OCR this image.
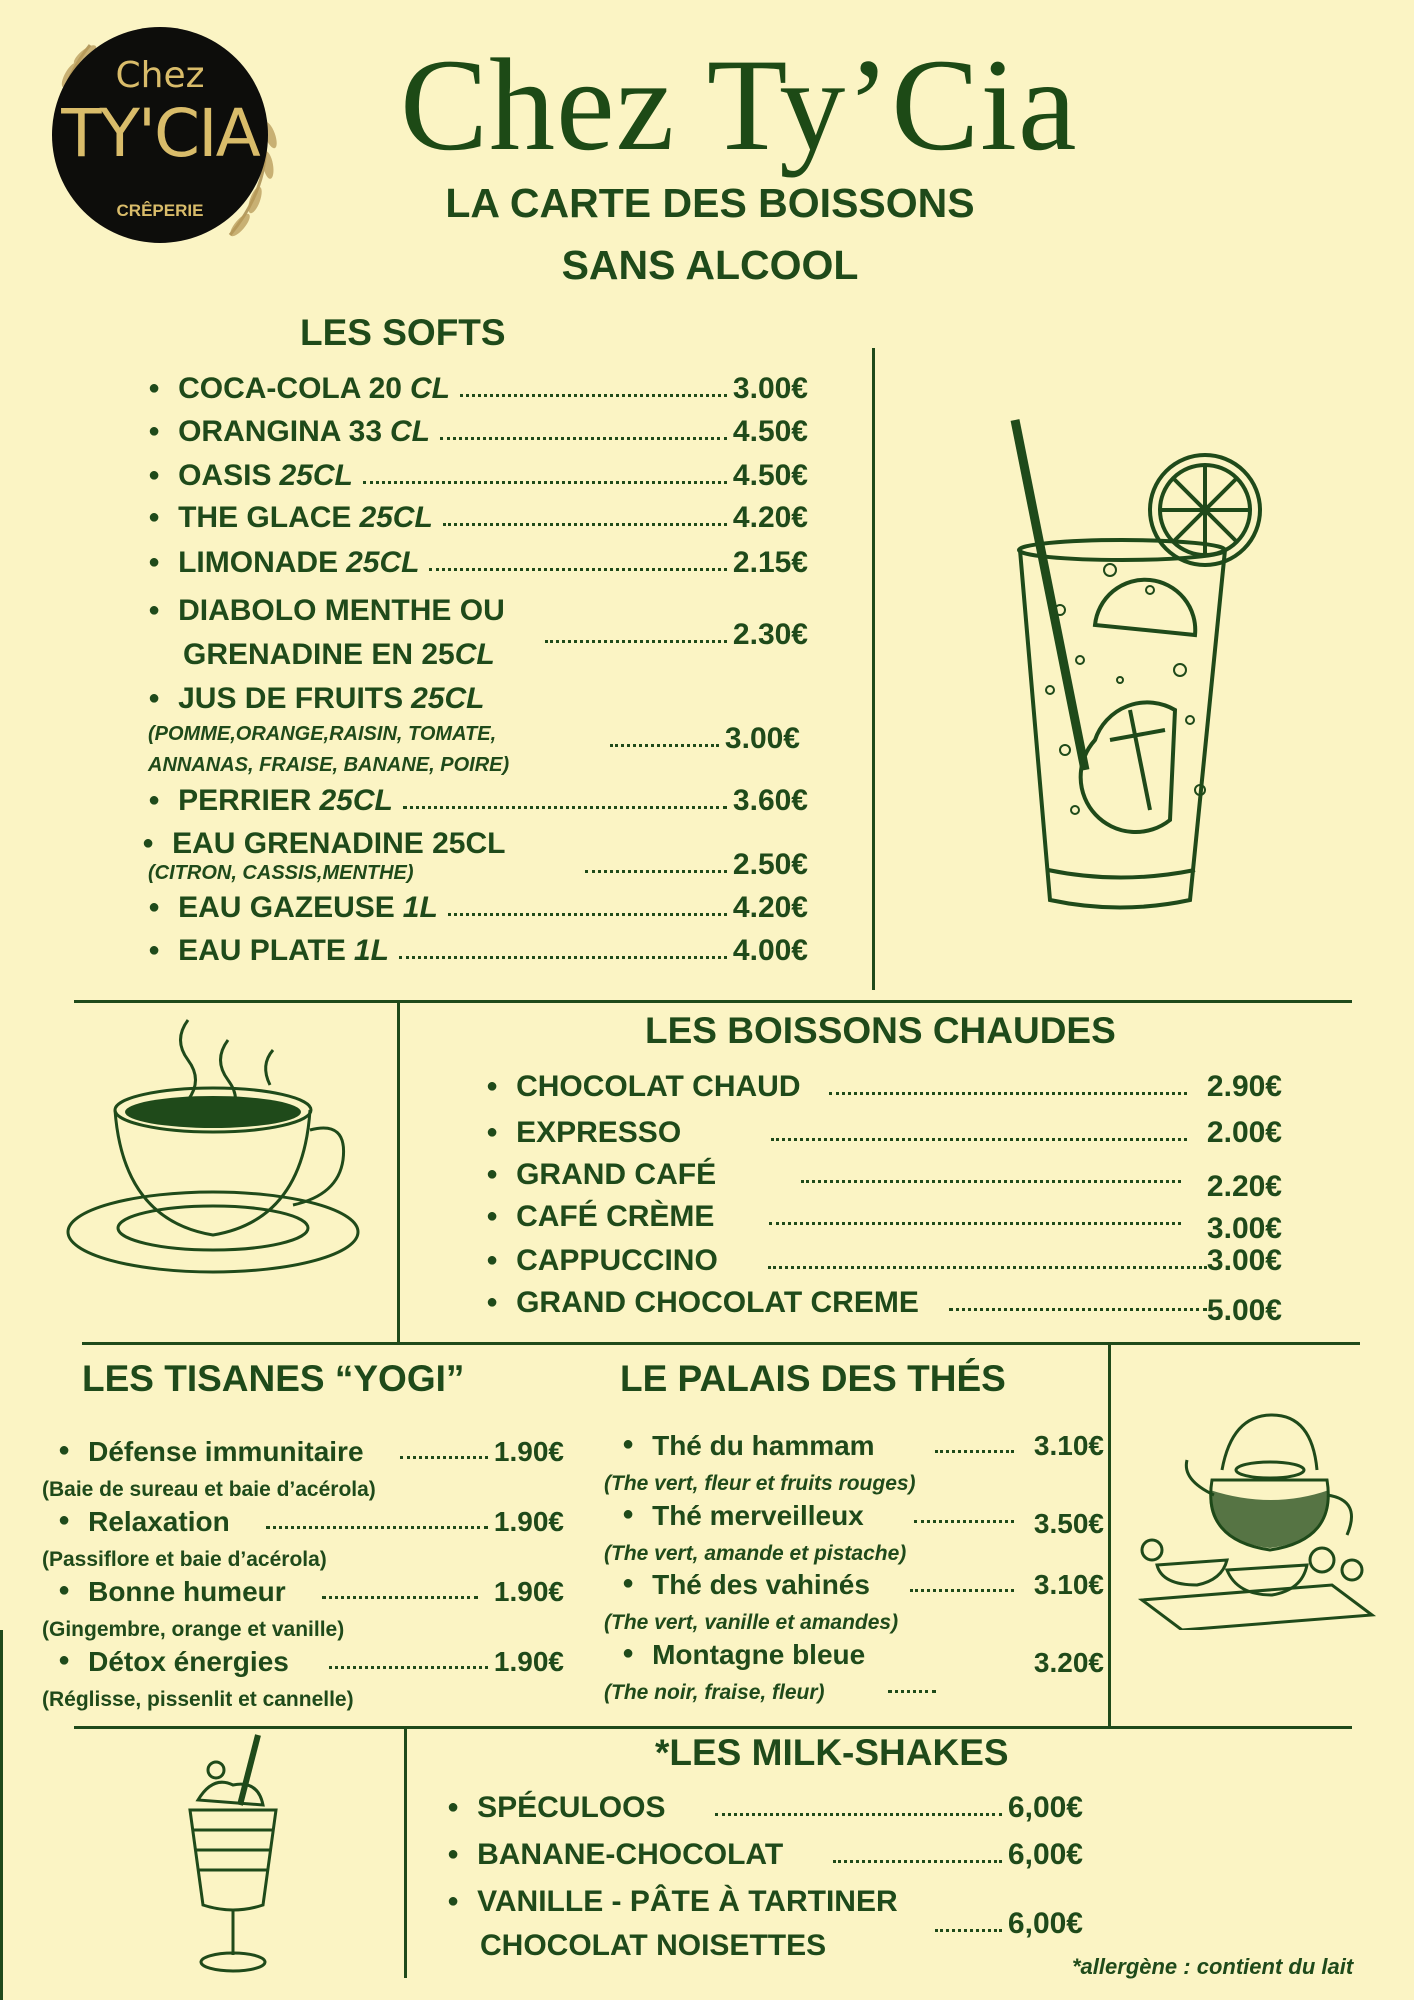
Chez
TY'CIA
CRÊPERIE
Chez Ty’Cia
LA CARTE DES BOISSONS
SANS ALCOOL
LES SOFTS
● COCA-COLA 20 CL	3.00€
● ORANGINA 33 CL	4.50€
● OASIS 25CL	4.50€
● THE GLACE 25CL	4.20€
● LIMONADE 25CL	2.15€
● DIABOLO MENTHE OU
GRENADINE EN 25 CL
2.30€
● JUS DE FRUITS 25CL
(POMME,ORANGE,RAISIN, TOMATE,
ANNANAS, FRAISE, BANANE, POIRE)
3.00€
● PERRIER 25CL	3.60€
● EAU GRENADINE 25CL
(CITRON, CASSIS,MENTHE)	2.50€
● EAU GAZEUSE 1L	4.20€
● EAU PLATE 1L	4.00€
LES BOISSONS CHAUDES
● CHOCOLAT CHAUD	2.90€
● EXPRESSO	2.00€
● GRAND CAFÉ	2.20€
● CAFÉ CRÈME	3.00€
● CAPPUCCINO	3.00€
● GRAND CHOCOLAT CREME	5.00€
LES TISANES “YOGI”
● Défense immunitaire	1.90€
(Baie de sureau et baie d’acérola)
● Relaxation	1.90€
(Passiflore et baie d’acérola)
● Bonne humeur	1.90€
(Gingembre, orange et vanille)
● Détox énergies	1.90€
(Réglisse, pissenlit et cannelle)
LE PALAIS DES THÉS
● Thé du hammam	3.10€
(The vert, fleur et fruits rouges)
● Thé merveilleux	3.50€
(The vert, amande et pistache)
● Thé des vahinés	3.10€
(The vert, vanille et amandes)
● Montagne bleue	3.20€
(The noir, fraise, fleur)
*LES MILK-SHAKES
● SPÉCULOOS	6,00€
● BANANE-CHOCOLAT	6,00€
● VANILLE - PÂTE À TARTINER
CHOCOLAT NOISETTES
6,00€
*allergène : contient du lait
